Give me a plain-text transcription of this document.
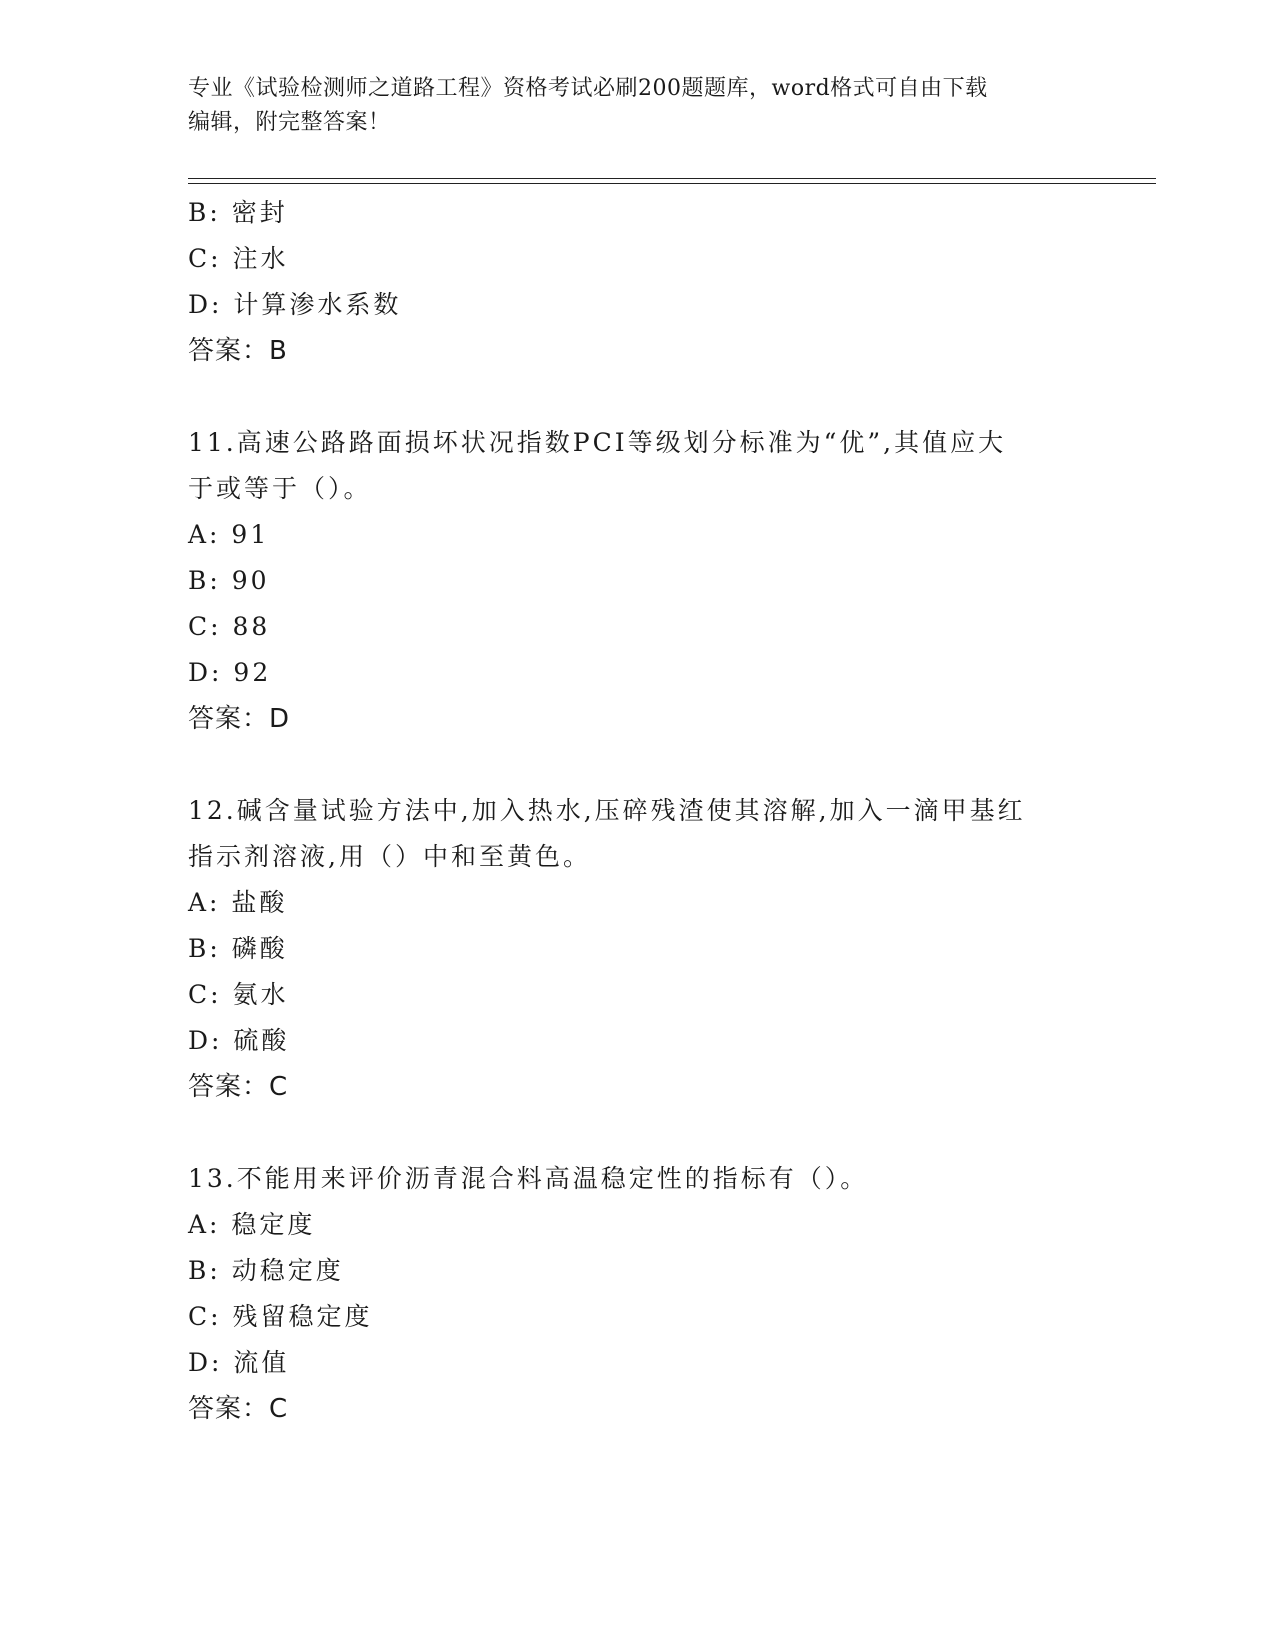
专业《试验检测师之道路工程》资格考试必刷200题题库，word格式可自由下载
编辑，附完整答案！
B: 密封
C: 注水
D: 计算渗水系数
答案：B
11.高速公路路面损坏状况指数PCI等级划分标准为“优”,其值应大
于或等于（）。
A: 91
B: 90
C: 88
D: 92
答案：D
12.碱含量试验方法中,加入热水,压碎残渣使其溶解,加入一滴甲基红
指示剂溶液,用（）中和至黄色。
A: 盐酸
B: 磷酸
C: 氨水
D: 硫酸
答案：C
13.不能用来评价沥青混合料高温稳定性的指标有（）。
A: 稳定度
B: 动稳定度
C: 残留稳定度
D: 流值
答案：C
